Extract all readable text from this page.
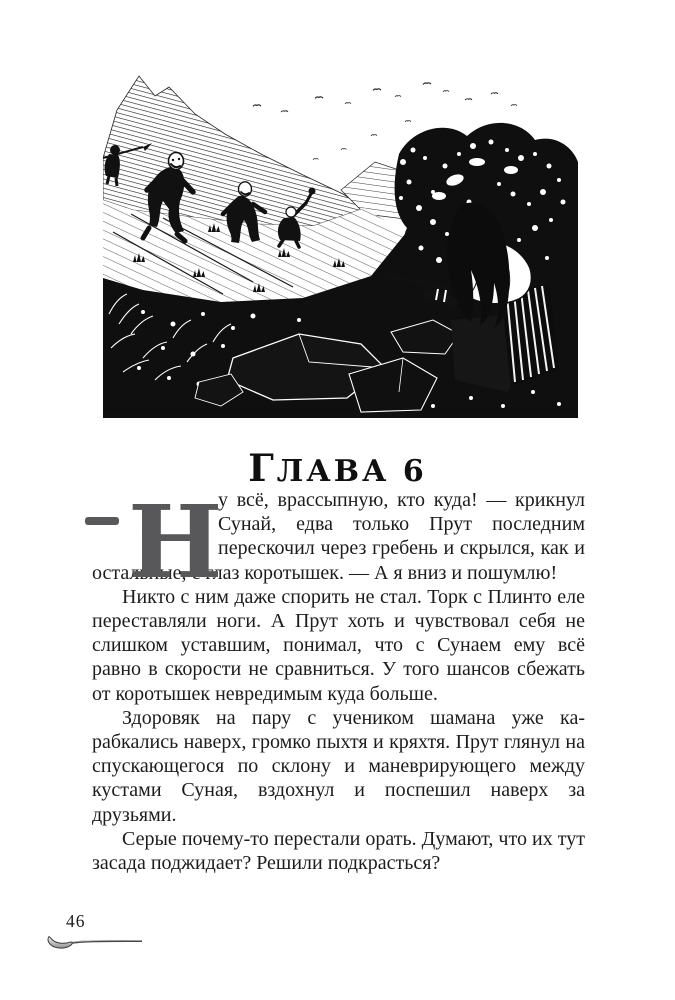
ГЛАВА 6

Н
у всё, врассыпную, кто куда! — крикнул Сунай, едва только Прут последним перескочил через гребень и скрылся, как и остальные, с глаз коротышек. — А я вниз и пошумлю!

Никто с ним даже спорить не стал. Торк с Плинто еле переставляли ноги. А Прут хоть и чувствовал себя не слишком уставшим, понимал, что с Сунаем ему всё равно в скорости не сравниться. У того шансов сбежать от коротышек невредимым куда больше.

Здоровяк на пару с учеником шамана уже карабкались наверх, громко пыхтя и кряхтя. Прут глянул на спускающегося по склону и маневрирующего между кустами Суная, вздохнул и поспешил наверх за друзьями.

Серые почему-то перестали орать. Думают, что их тут засада поджидает? Решили подкрасться?

46
